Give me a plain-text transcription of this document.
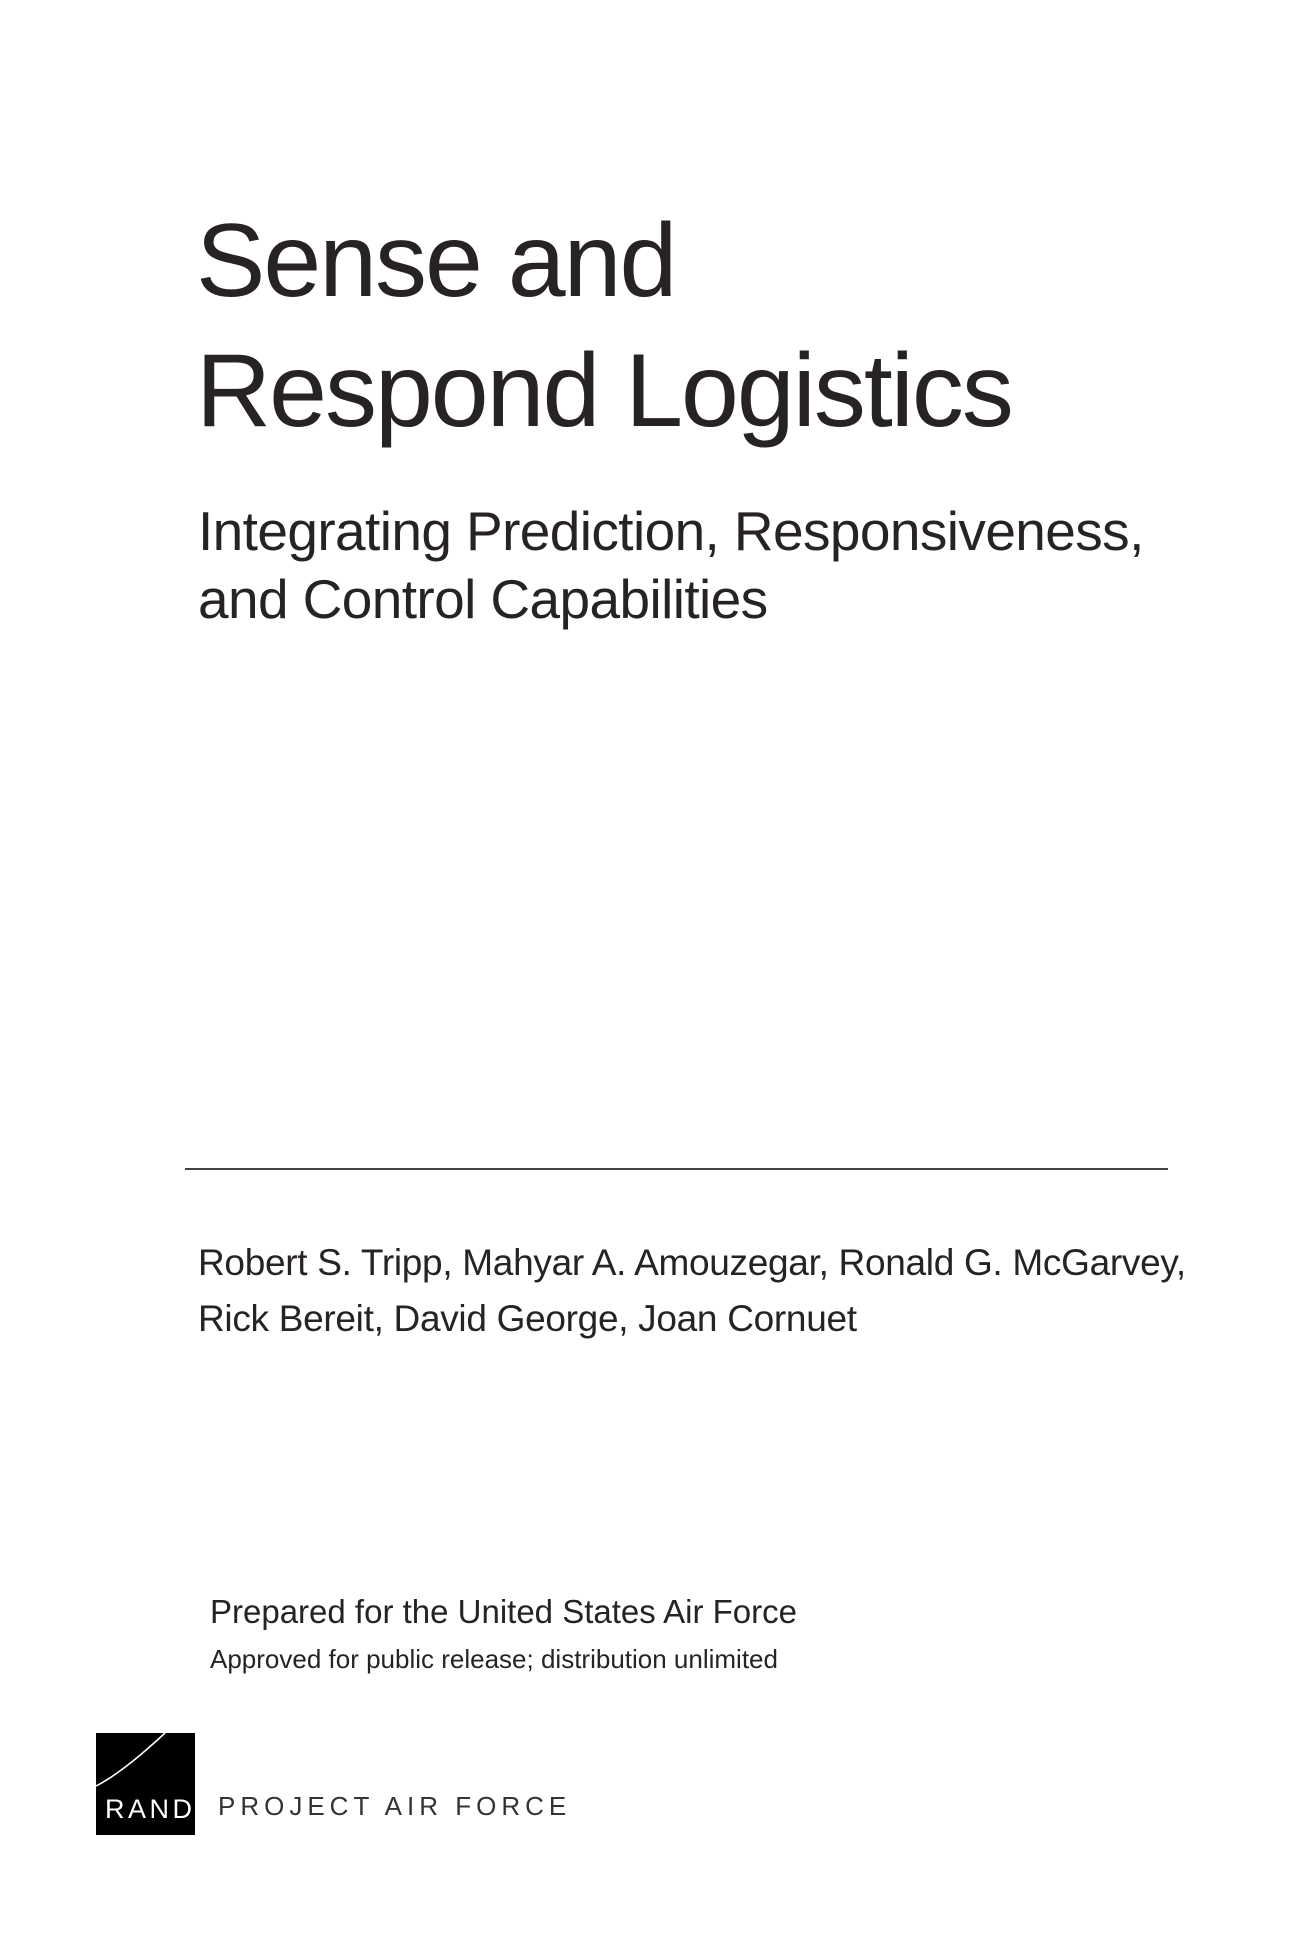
Sense and
Respond Logistics
Integrating Prediction, Responsiveness,
and Control Capabilities
Robert S. Tripp, Mahyar A. Amouzegar, Ronald G. McGarvey,
Rick Bereit, David George, Joan Cornuet
Prepared for the United States Air Force
Approved for public release; distribution unlimited
RAND PROJECT AIR FORCE
